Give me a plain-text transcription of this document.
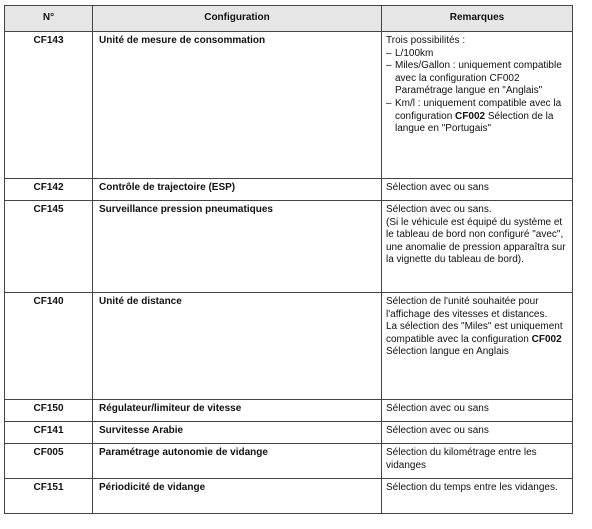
N°	Configuration	Remarques
CF143	Unité de mesure de consommation	Trois possibilités :
– L/100km
– Miles/Gallon : uniquement compatible avec la configuration CF002 Paramétrage langue en "Anglais"
– Km/l : uniquement compatible avec la configuration CF002 Sélection de la langue en "Portugais"

CF142	Contrôle de trajectoire (ESP)	Sélection avec ou sans
CF145	Surveillance pression pneumatiques	Sélection avec ou sans.
(Si le véhicule est équipé du système et le tableau de bord non configuré "avec", une anomalie de pression apparaîtra sur la vignette du tableau de bord).

CF140	Unité de distance	Sélection de l'unité souhaitée pour l'affichage des vitesses et distances.
La sélection des "Miles" est uniquement compatible avec la configuration CF002 Sélection langue en Anglais

CF150	Régulateur/limiteur de vitesse	Sélection avec ou sans
CF141	Survitesse Arabie	Sélection avec ou sans
CF005	Paramétrage autonomie de vidange	Sélection du kilométrage entre les vidanges
CF151	Périodicité de vidange	Sélection du temps entre les vidanges.
